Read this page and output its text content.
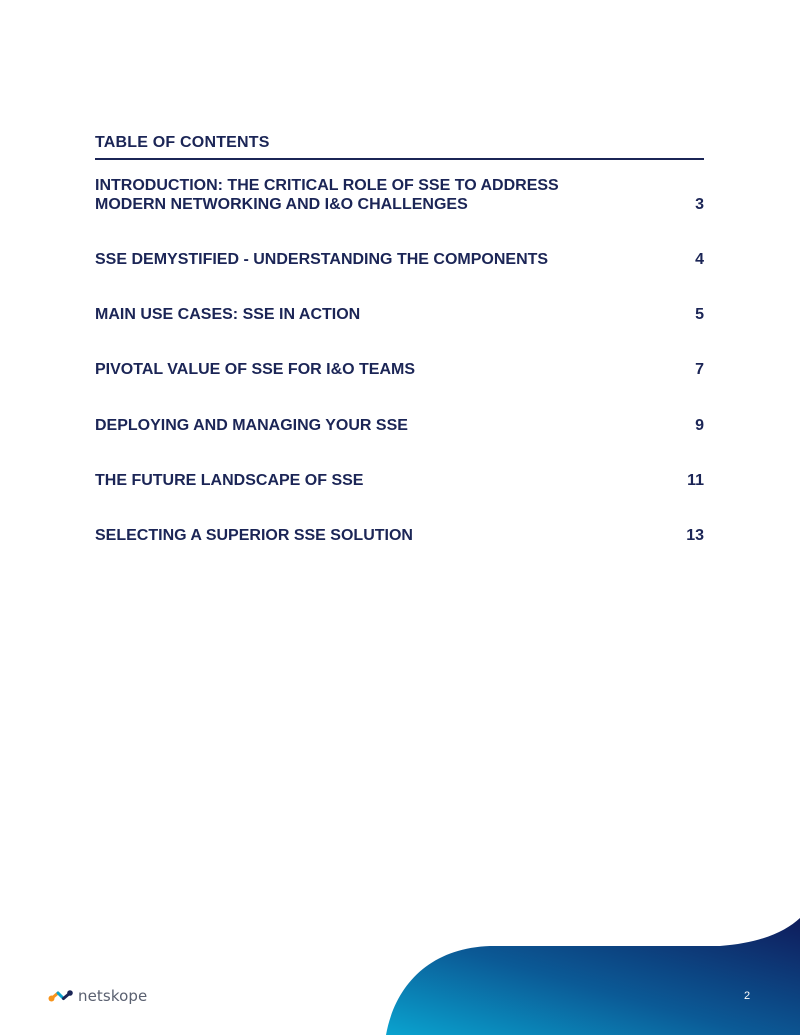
TABLE OF CONTENTS
INTRODUCTION: THE CRITICAL ROLE OF SSE TO ADDRESS
MODERN NETWORKING AND I&O CHALLENGES	3
SSE DEMYSTIFIED - UNDERSTANDING THE COMPONENTS	4
MAIN USE CASES: SSE IN ACTION	5
PIVOTAL VALUE OF SSE FOR I&O TEAMS	7
DEPLOYING AND MANAGING YOUR SSE	9
THE FUTURE LANDSCAPE OF SSE	11
SELECTING A SUPERIOR SSE SOLUTION	13
netskope	2
